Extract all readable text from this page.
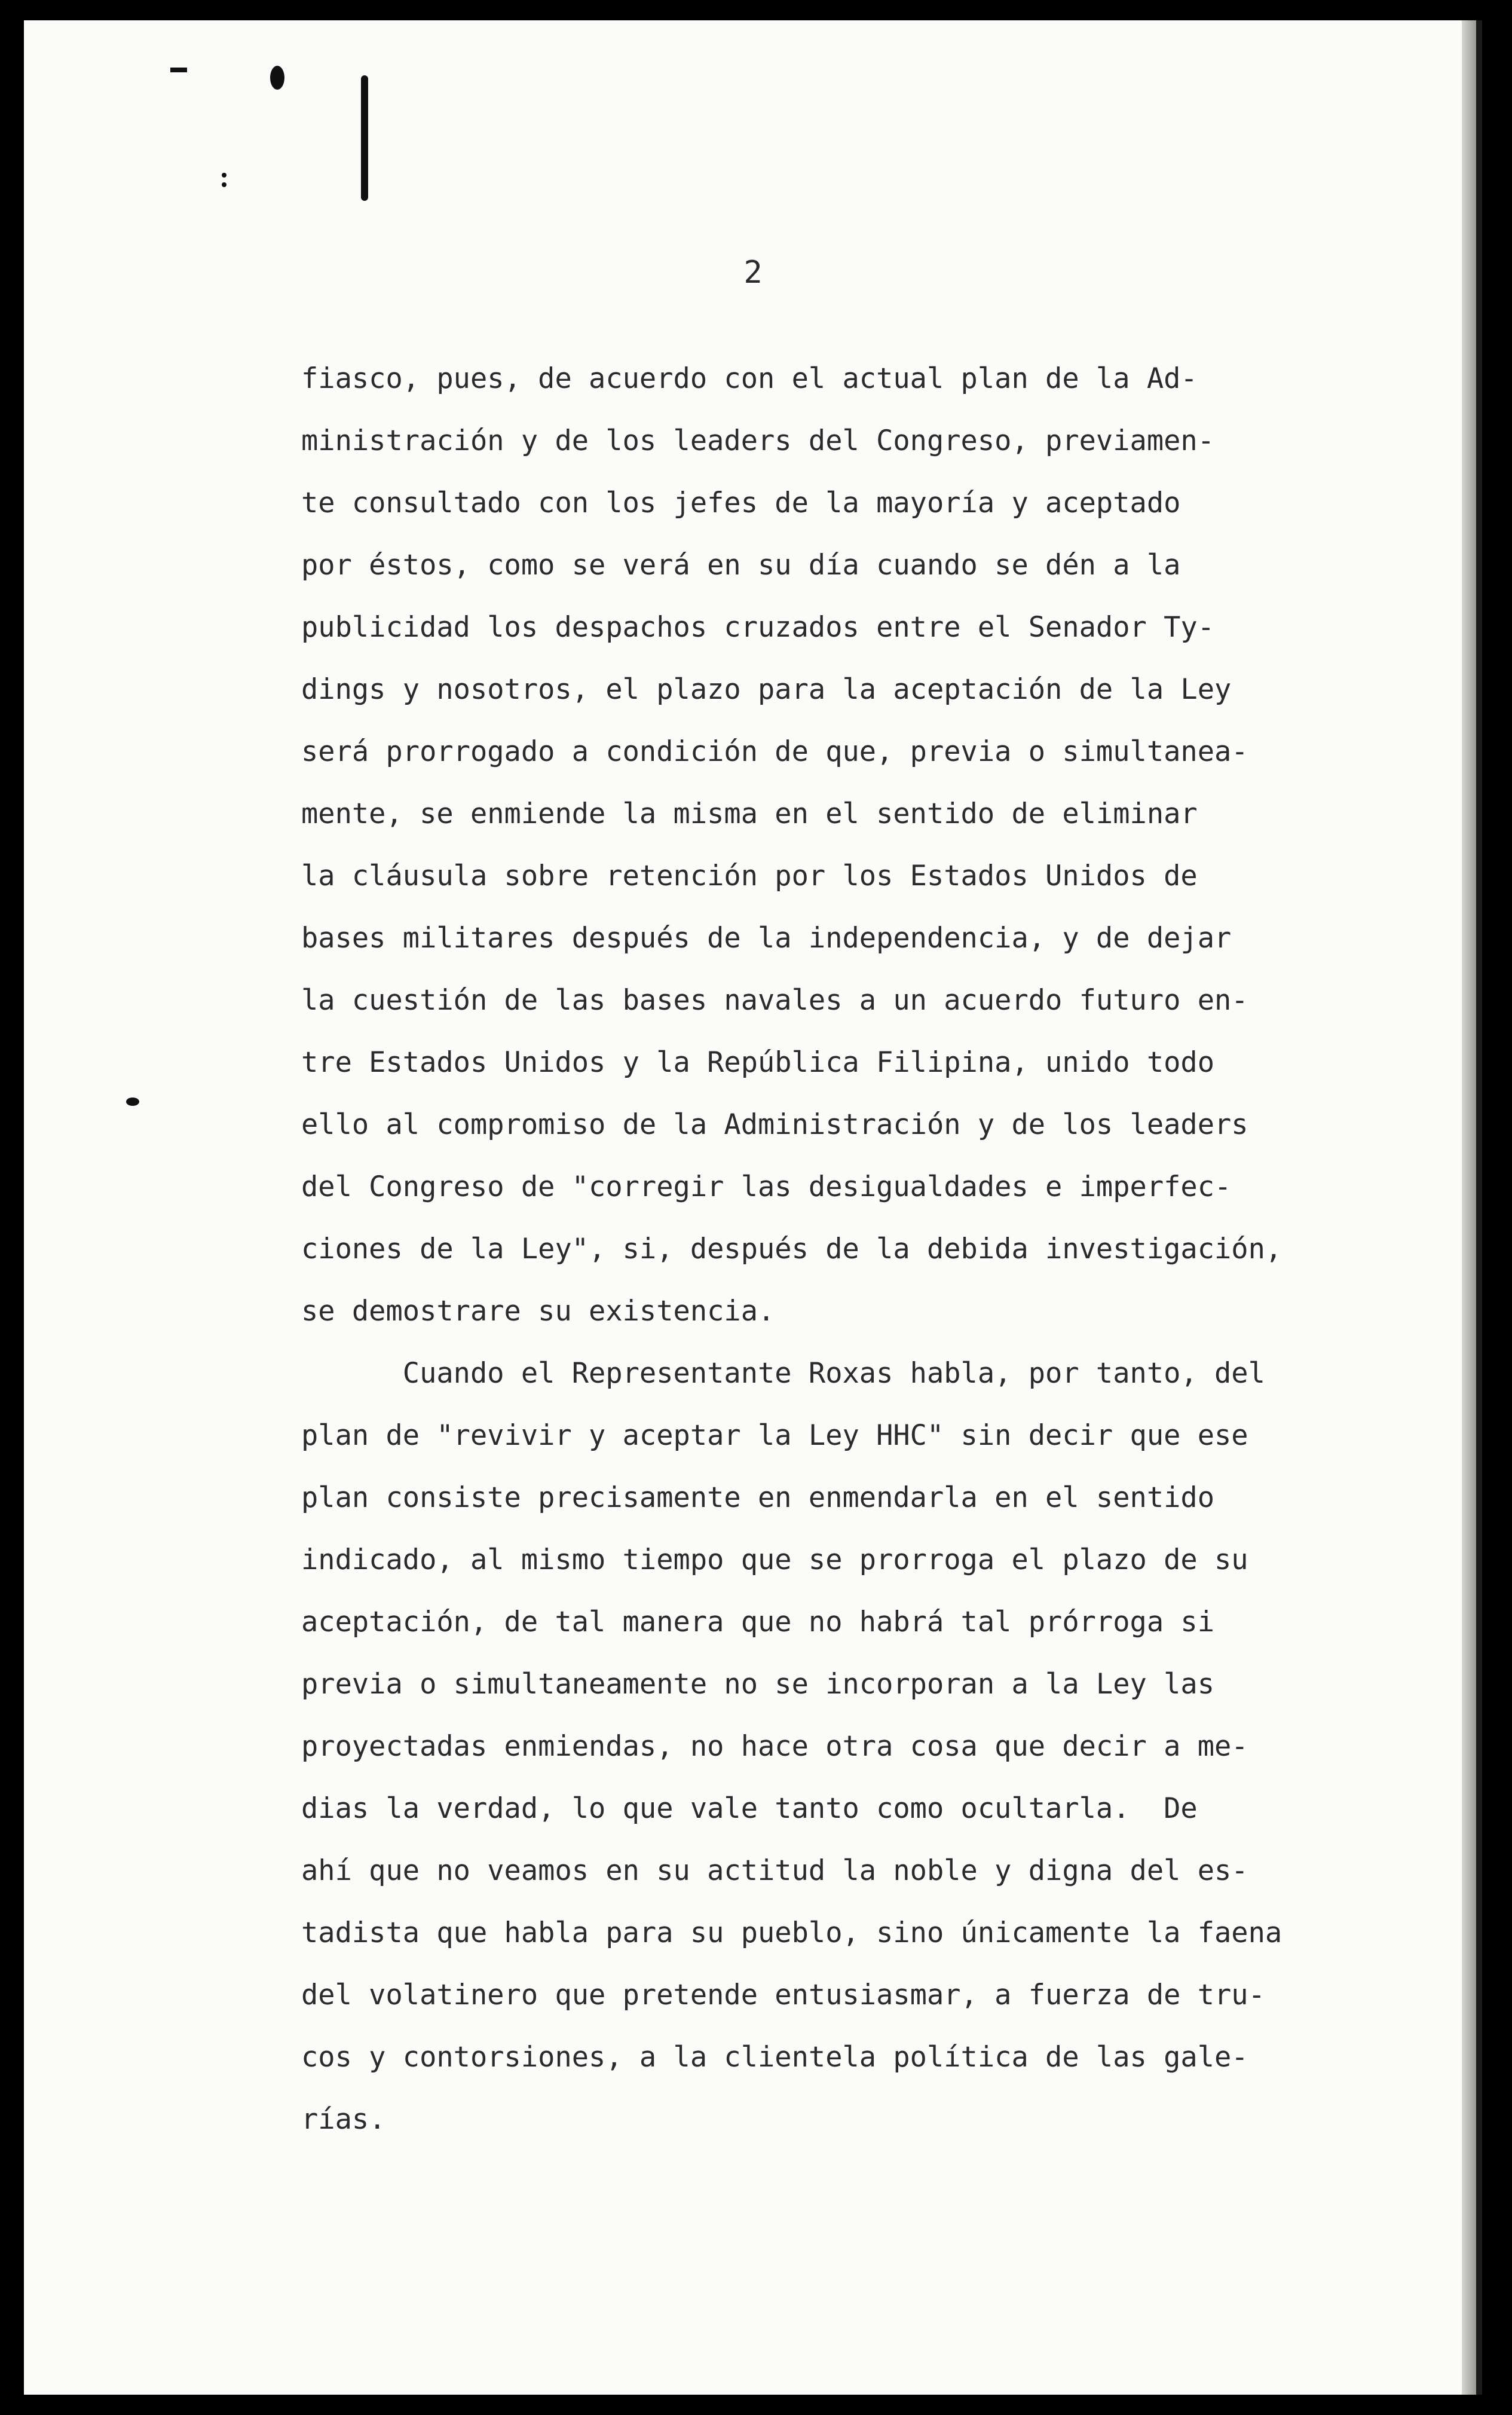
2
fiasco, pues, de acuerdo con el actual plan de la Ad-
ministración y de los leaders del Congreso, previamen-
te consultado con los jefes de la mayoría y aceptado
por éstos, como se verá en su día cuando se dén a la
publicidad los despachos cruzados entre el Senador Ty-
dings y nosotros, el plazo para la aceptación de la Ley
será prorrogado a condición de que, previa o simultanea-
mente, se enmiende la misma en el sentido de eliminar
la cláusula sobre retención por los Estados Unidos de
bases militares después de la independencia, y de dejar
la cuestión de las bases navales a un acuerdo futuro en-
tre Estados Unidos y la República Filipina, unido todo
ello al compromiso de la Administración y de los leaders
del Congreso de "corregir las desigualdades e imperfec-
ciones de la Ley", si, después de la debida investigación,
se demostrare su existencia.
Cuando el Representante Roxas habla, por tanto, del
plan de "revivir y aceptar la Ley HHC" sin decir que ese
plan consiste precisamente en enmendarla en el sentido
indicado, al mismo tiempo que se prorroga el plazo de su
aceptación, de tal manera que no habrá tal prórroga si
previa o simultaneamente no se incorporan a la Ley las
proyectadas enmiendas, no hace otra cosa que decir a me-
dias la verdad, lo que vale tanto como ocultarla.  De
ahí que no veamos en su actitud la noble y digna del es-
tadista que habla para su pueblo, sino únicamente la faena
del volatinero que pretende entusiasmar, a fuerza de tru-
cos y contorsiones, a la clientela política de las gale-
rías.
